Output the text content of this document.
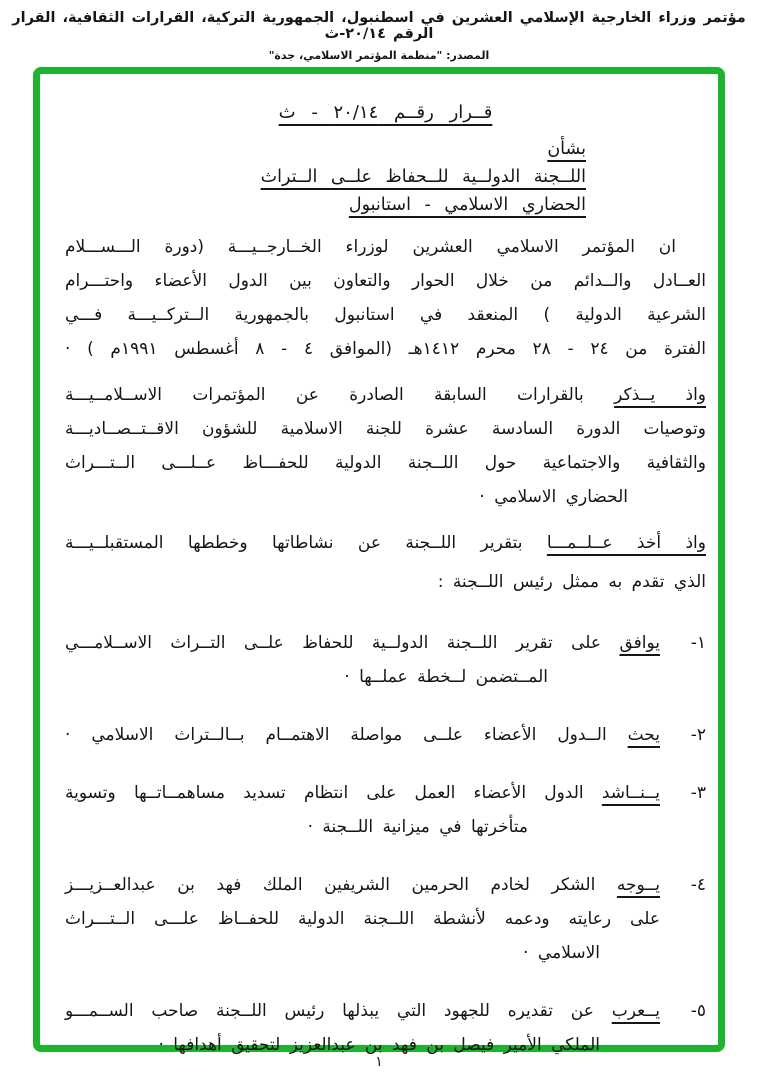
مؤتمر وزراء الخارجية الإسلامي العشرين في اسطنبول، الجمهورية التركية، القرارات الثقافية، القرار الرقم ٢٠/١٤-ث
المصدر: "منظمة المؤتمر الاسلامي، جدة"
قــرار رقــم ٢٠/١٤ - ث
بشأن
اللــجنة الدولــية للــحفاظ علــى الــتراث
الحضاري الاسلامي - استانبول
ان المؤتمر الاسلامي العشرين لوزراء الخــارجــيـــة (دورة الـــســـلام
العــادل والــدائم من خلال الحوار والتعاون بين الدول الأعضاء واحتـــرام
الشرعية الدولية ) المنعقد في استانبول بالجمهورية الــتركــيـــة فـــي
الفترة من ٢٤ - ٢٨ محرم ١٤١٢هـ (الموافق ٤ - ٨ أغسطس ١٩٩١م ) ·
واذ يــذكر بالقرارات السابقة الصادرة عن المؤتمرات الاســلامــيـــة
وتوصيات الدورة السادسة عشرة للجنة الاسلامية للشؤون الاقــتــصــاديـــة
والثقافية والاجتماعية حول اللــجنة الدولية للحفـــاظ عــلـــى الــتـــراث
الحضاري الاسلامي ·
واذ أخذ عــلــمـــا بتقرير اللــجنة عن نشاطاتها وخططها المستقبلــيـــة
الذي تقدم به ممثل رئيس اللــجنة :
١-
يوافق على تقرير اللــجنة الدولــية للحفاظ علــى التــراث الاســلامـــي
المــتضمن لــخطة عملــها ·
٢-
يحث الــدول الأعضاء علــى مواصلة الاهتمــام بــالــتراث الاسلامي ·
٣-
يــنــاشد الدول الأعضاء العمل على انتظام تسديد مساهمــاتــها وتسوية
متأخرتها في ميزانية اللــجنة ·
٤-
يــوجه الشكر لخادم الحرمين الشريفين الملك فهد بن عبدالعــزيـــز
على رعايته ودعمه لأنشطة اللــجنة الدولية للحفــاظ علـــى الــتـــراث
الاسلامي ·
٥-
يــعرب عن تقديره للجهود التي يبذلها رئيس اللــجنة صاحب الســمـــو
الملكي الأمير فيصل بن فهد بن عبدالعزيز لتحقيق أهدافها ·
١
